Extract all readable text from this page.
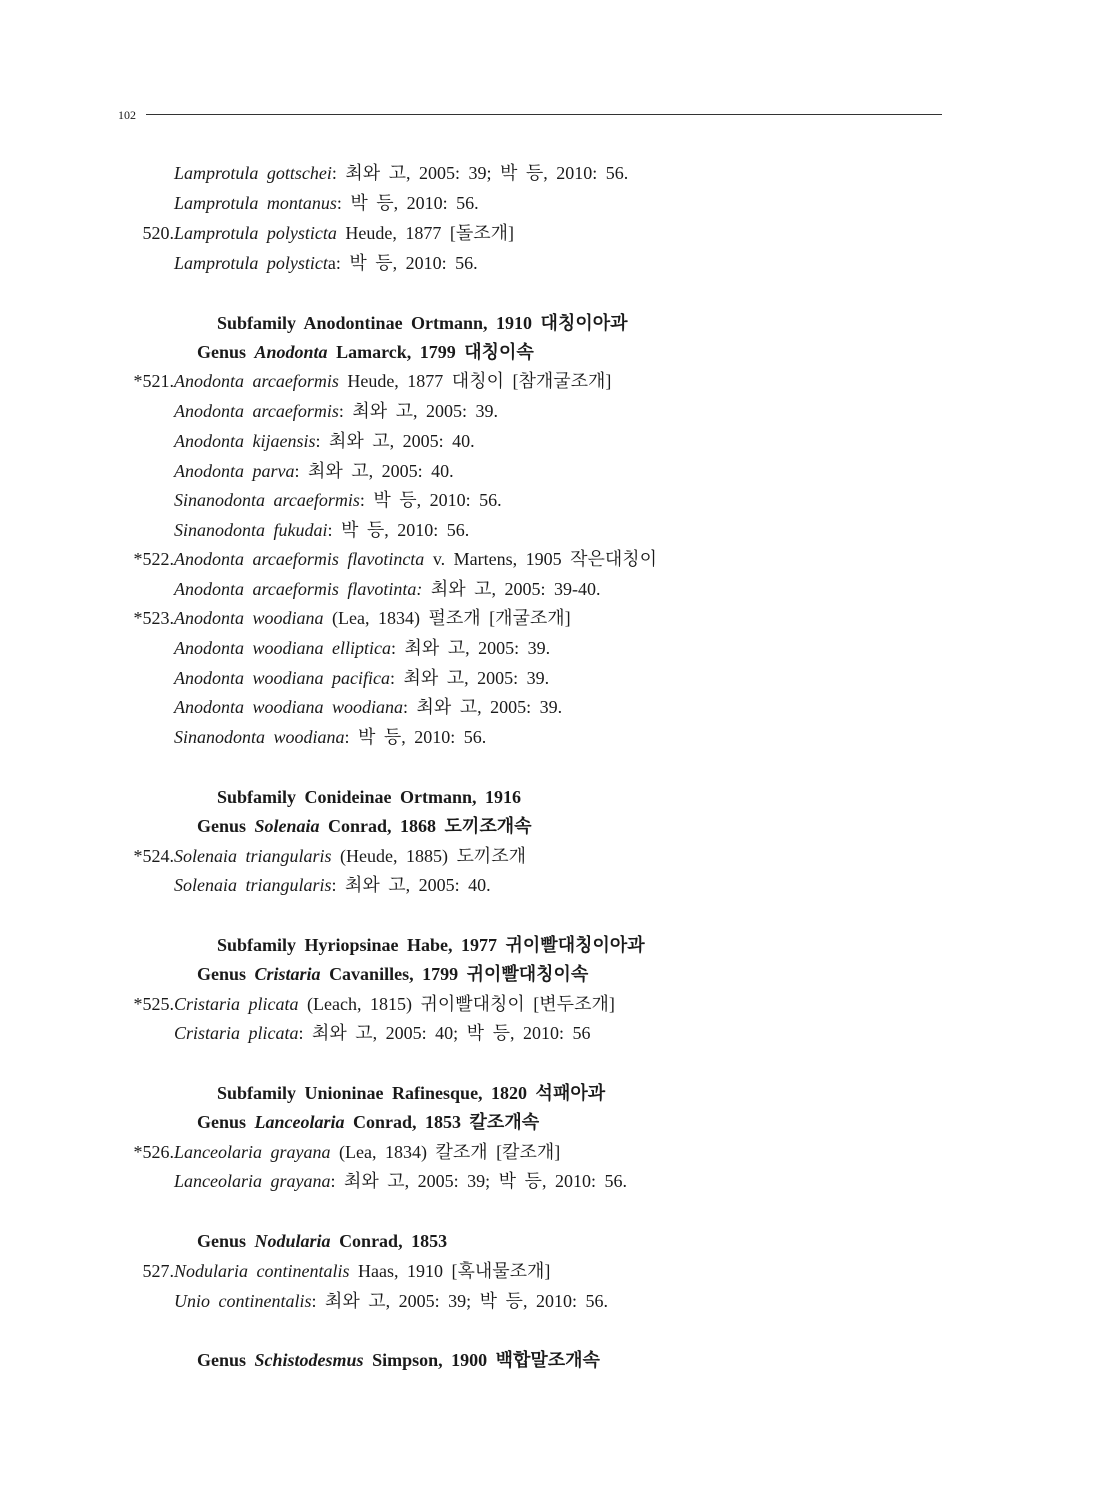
102
Lamprotula gottschei: 최와 고, 2005: 39; 박 등, 2010: 56.
Lamprotula montanus: 박 등, 2010: 56.
520.Lamprotula polysticta Heude, 1877 [돌조개]
Lamprotula polysticta: 박 등, 2010: 56.
Subfamily Anodontinae Ortmann, 1910 대칭이아과
Genus Anodonta Lamarck, 1799 대칭이속
*521.Anodonta arcaeformis Heude, 1877 대칭이 [참개굴조개]
Anodonta arcaeformis: 최와 고, 2005: 39.
Anodonta kijaensis: 최와 고, 2005: 40.
Anodonta parva: 최와 고, 2005: 40.
Sinanodonta arcaeformis: 박 등, 2010: 56.
Sinanodonta fukudai: 박 등, 2010: 56.
*522.Anodonta arcaeformis flavotincta v. Martens, 1905 작은대칭이
Anodonta arcaeformis flavotinta: 최와 고, 2005: 39-40.
*523.Anodonta woodiana (Lea, 1834) 펄조개 [개굴조개]
Anodonta woodiana elliptica: 최와 고, 2005: 39.
Anodonta woodiana pacifica: 최와 고, 2005: 39.
Anodonta woodiana woodiana: 최와 고, 2005: 39.
Sinanodonta woodiana: 박 등, 2010: 56.
Subfamily Conideinae Ortmann, 1916
Genus Solenaia Conrad, 1868 도끼조개속
*524.Solenaia triangularis (Heude, 1885) 도끼조개
Solenaia triangularis: 최와 고, 2005: 40.
Subfamily Hyriopsinae Habe, 1977 귀이빨대칭이아과
Genus Cristaria Cavanilles, 1799 귀이빨대칭이속
*525.Cristaria plicata (Leach, 1815) 귀이빨대칭이 [변두조개]
Cristaria plicata: 최와 고, 2005: 40; 박 등, 2010: 56
Subfamily Unioninae Rafinesque, 1820 석패아과
Genus Lanceolaria Conrad, 1853 칼조개속
*526.Lanceolaria grayana (Lea, 1834) 칼조개 [칼조개]
Lanceolaria grayana: 최와 고, 2005: 39; 박 등, 2010: 56.
Genus Nodularia Conrad, 1853
527.Nodularia continentalis Haas, 1910 [혹내물조개]
Unio continentalis: 최와 고, 2005: 39; 박 등, 2010: 56.
Genus Schistodesmus Simpson, 1900 백합말조개속
